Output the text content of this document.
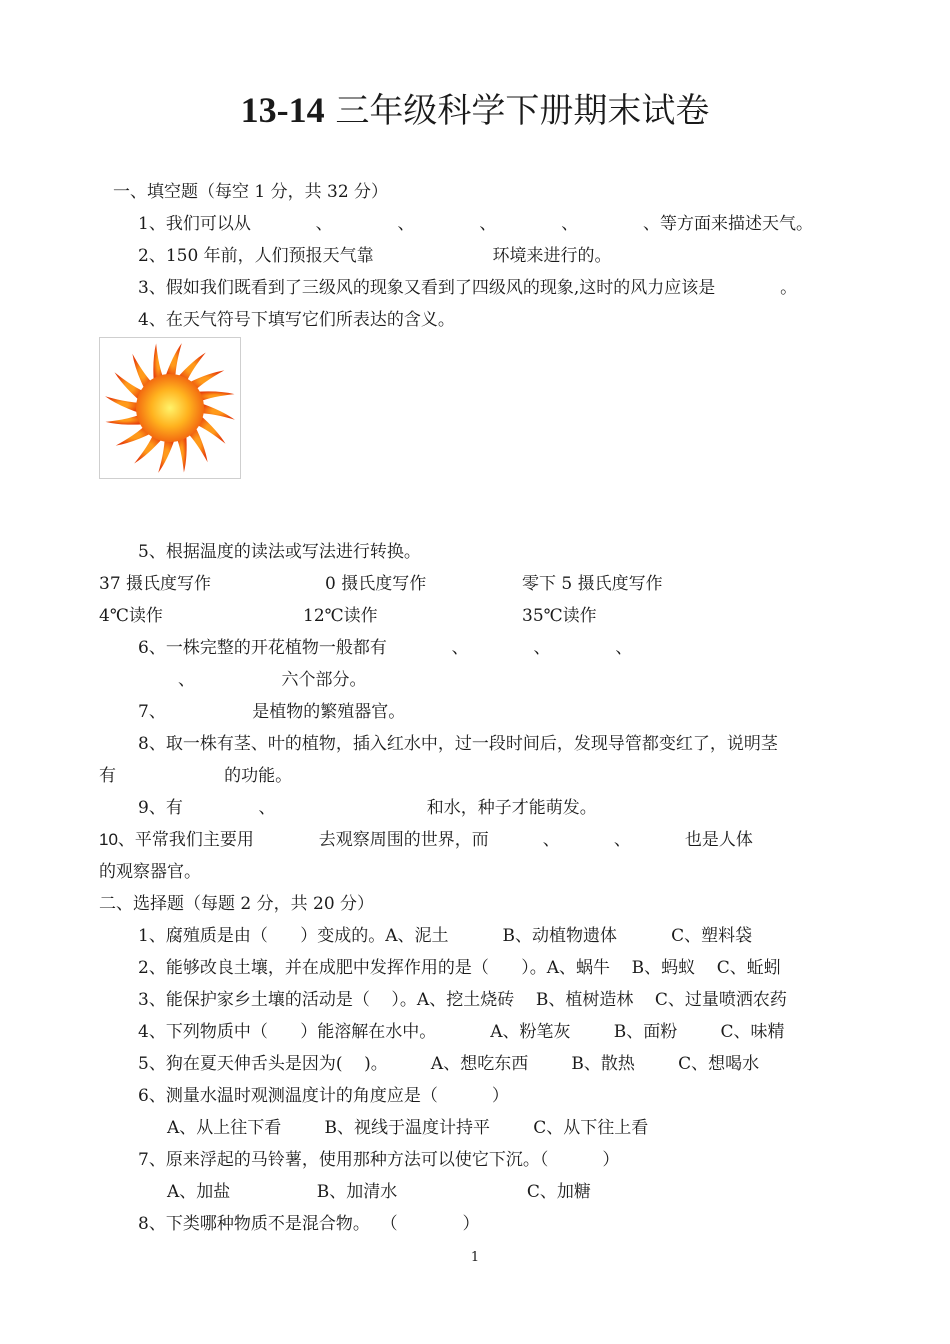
13-14 三年级科学下册期末试卷
一、填空题（每空 1 分，共 32 分）
1、我们可以从            、            、            、            、            、等方面来描述天气。
2、150 年前，人们预报天气靠                      环境来进行的。
3、假如我们既看到了三级风的现象又看到了四级风的现象,这时的风力应该是            。
4、在天气符号下填写它们所表达的含义。
5、根据温度的读法或写法进行转换。
37 摄氏度写作	0 摄氏度写作	零下 5 摄氏度写作
4℃读作	12℃读作	35℃读作
6、一株完整的开花植物一般都有            、            、            、
、                六个部分。
7、                是植物的繁殖器官。
8、取一株有茎、叶的植物，插入红水中，过一段时间后，发现导管都变红了，说明茎
有                    的功能。
9、有              、                            和水，种子才能萌发。
10、平常我们主要用            去观察周围的世界，而          、          、          也是人体
的观察器官。
二、选择题（每题 2 分，共 20 分）
1、腐殖质是由（      ）变成的。A、泥土          B、动植物遗体          C、塑料袋
2、能够改良土壤，并在成肥中发挥作用的是（      ）。A、蜗牛    B、蚂蚁    C、蚯蚓
3、能保护家乡土壤的活动是（    ）。A、挖土烧砖    B、植树造林    C、过量喷洒农药
4、下列物质中（      ）能溶解在水中。          A、粉笔灰        B、面粉        C、味精
5、狗在夏天伸舌头是因为(    )。        A、想吃东西        B、散热        C、想喝水
6、测量水温时观测温度计的角度应是（          ）
A、从上往下看        B、视线于温度计持平        C、从下往上看
7、原来浮起的马铃薯，使用那种方法可以使它下沉。（          ）
A、加盐                B、加清水                        C、加糖
8、下类哪种物质不是混合物。  （            ）
1
